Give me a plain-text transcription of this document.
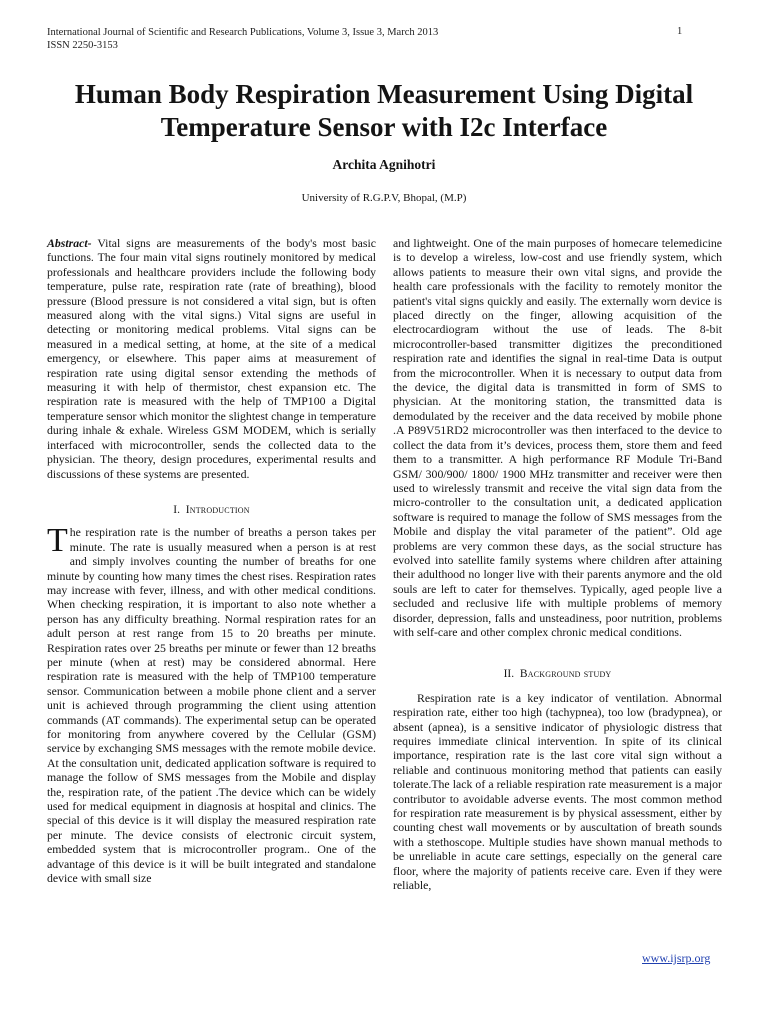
International Journal of Scientific and Research Publications, Volume 3, Issue 3, March 2013
ISSN 2250-3153
1
Human Body Respiration Measurement Using Digital Temperature Sensor with I2c Interface
Archita Agnihotri
University of R.G.P.V, Bhopal, (M.P)

Abstract- Vital signs are measurements of the body's most basic functions. The four main vital signs routinely monitored by medical professionals and healthcare providers include the following body temperature, pulse rate, respiration rate (rate of breathing), blood pressure (Blood pressure is not considered a vital sign, but is often measured along with the vital signs.) Vital signs are useful in detecting or monitoring medical problems. Vital signs can be measured in a medical setting, at home, at the site of a medical emergency, or elsewhere. This paper aims at measurement of respiration rate using digital sensor extending the methods of measuring it with help of thermistor, chest expansion etc. The respiration rate is measured with the help of TMP100 a Digital temperature sensor which monitor the slightest change in temperature during inhale & exhale. Wireless GSM MODEM, which is serially interfaced with microcontroller, sends the collected data to the physician. The theory, design procedures, experimental results and discussions of these systems are presented.

I. Introduction

The respiration rate is the number of breaths a person takes per minute. The rate is usually measured when a person is at rest and simply involves counting the number of breaths for one minute by counting how many times the chest rises. Respiration rates may increase with fever, illness, and with other medical conditions. When checking respiration, it is important to also note whether a person has any difficulty breathing. Normal respiration rates for an adult person at rest range from 15 to 20 breaths per minute. Respiration rates over 25 breaths per minute or fewer than 12 breaths per minute (when at rest) may be considered abnormal. Here respiration rate is measured with the help of TMP100 temperature sensor. Communication between a mobile phone client and a server unit is achieved through programming the client using attention commands (AT commands). The experimental setup can be operated for monitoring from anywhere covered by the Cellular (GSM) service by exchanging SMS messages with the remote mobile device. At the consultation unit, dedicated application software is required to manage the follow of SMS messages from the Mobile and display the, respiration rate, of the patient .The device which can be widely used for medical equipment in diagnosis at hospital and clinics. The special of this device is it will display the measured respiration rate per minute. The device consists of electronic circuit system, embedded system that is microcontroller program.. One of the advantage of this device is it will be built integrated and standalone device with small size

and lightweight. One of the main purposes of homecare telemedicine is to develop a wireless, low-cost and use friendly system, which allows patients to measure their own vital signs, and provide the health care professionals with the facility to remotely monitor the patient's vital signs quickly and easily. The externally worn device is placed directly on the finger, allowing acquisition of the electrocardiogram without the use of leads. The 8-bit microcontroller-based transmitter digitizes the preconditioned respiration rate and identifies the signal in real-time Data is output from the microcontroller. When it is necessary to output data from the device, the digital data is transmitted in form of SMS to physician. At the monitoring station, the transmitted data is demodulated by the receiver and the data received by mobile phone .A P89V51RD2 microcontroller was then interfaced to the device to collect the data from it’s devices, process them, store them and feed them to a transmitter. A high performance RF Module Tri-Band GSM/ 300/900/ 1800/ 1900 MHz transmitter and receiver were then used to wirelessly transmit and receive the vital sign data from the micro-controller to the consultation unit, a dedicated application software is required to manage the follow of SMS messages from the Mobile and display the vital parameter of the patient”. Old age problems are very common these days, as the social structure has evolved into satellite family systems where children after attaining their adulthood no longer live with their parents anymore and the old souls are left to cater for themselves. Typically, aged people live a secluded and reclusive life with multiple problems of memory disorder, depression, falls and unsteadiness, poor nutrition, problems with self-care and other complex chronic medical conditions.

II. Background study

Respiration rate is a key indicator of ventilation. Abnormal respiration rate, either too high (tachypnea), too low (bradypnea), or absent (apnea), is a sensitive indicator of physiologic distress that requires immediate clinical intervention. In spite of its clinical importance, respiration rate is the last core vital sign without a reliable and continuous monitoring method that patients can easily tolerate.The lack of a reliable respiration rate measurement is a major contributor to avoidable adverse events. The most common method for respiration rate measurement is by physical assessment, either by counting chest wall movements or by auscultation of breath sounds with a stethoscope. Multiple studies have shown manual methods to be unreliable in acute care settings, especially on the general care floor, where the majority of patients receive care. Even if they were reliable,

www.ijsrp.org
